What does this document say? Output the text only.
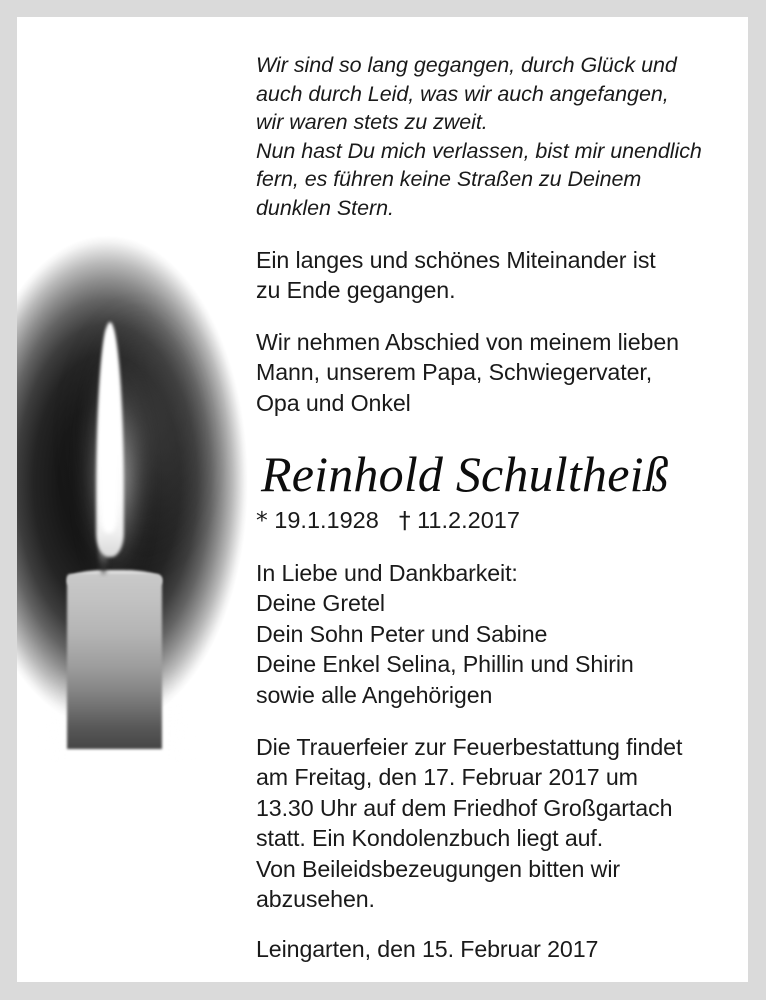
Wir sind so lang gegangen, durch Glück und
auch durch Leid, was wir auch angefangen,
wir waren stets zu zweit.
Nun hast Du mich verlassen, bist mir unendlich
fern, es führen keine Straßen zu Deinem
dunklen Stern.
Ein langes und schönes Miteinander ist
zu Ende gegangen.
Wir nehmen Abschied von meinem lieben
Mann, unserem Papa, Schwiegervater,
Opa und Onkel
Reinhold Schultheiß
* 19.1.1928 † 11.2.2017
In Liebe und Dankbarkeit:
Deine Gretel
Dein Sohn Peter und Sabine
Deine Enkel Selina, Phillin und Shirin
sowie alle Angehörigen
Die Trauerfeier zur Feuerbestattung findet
am Freitag, den 17. Februar 2017 um
13.30 Uhr auf dem Friedhof Großgartach
statt. Ein Kondolenzbuch liegt auf.
Von Beileidsbezeugungen bitten wir
abzusehen.
Leingarten, den 15. Februar 2017
